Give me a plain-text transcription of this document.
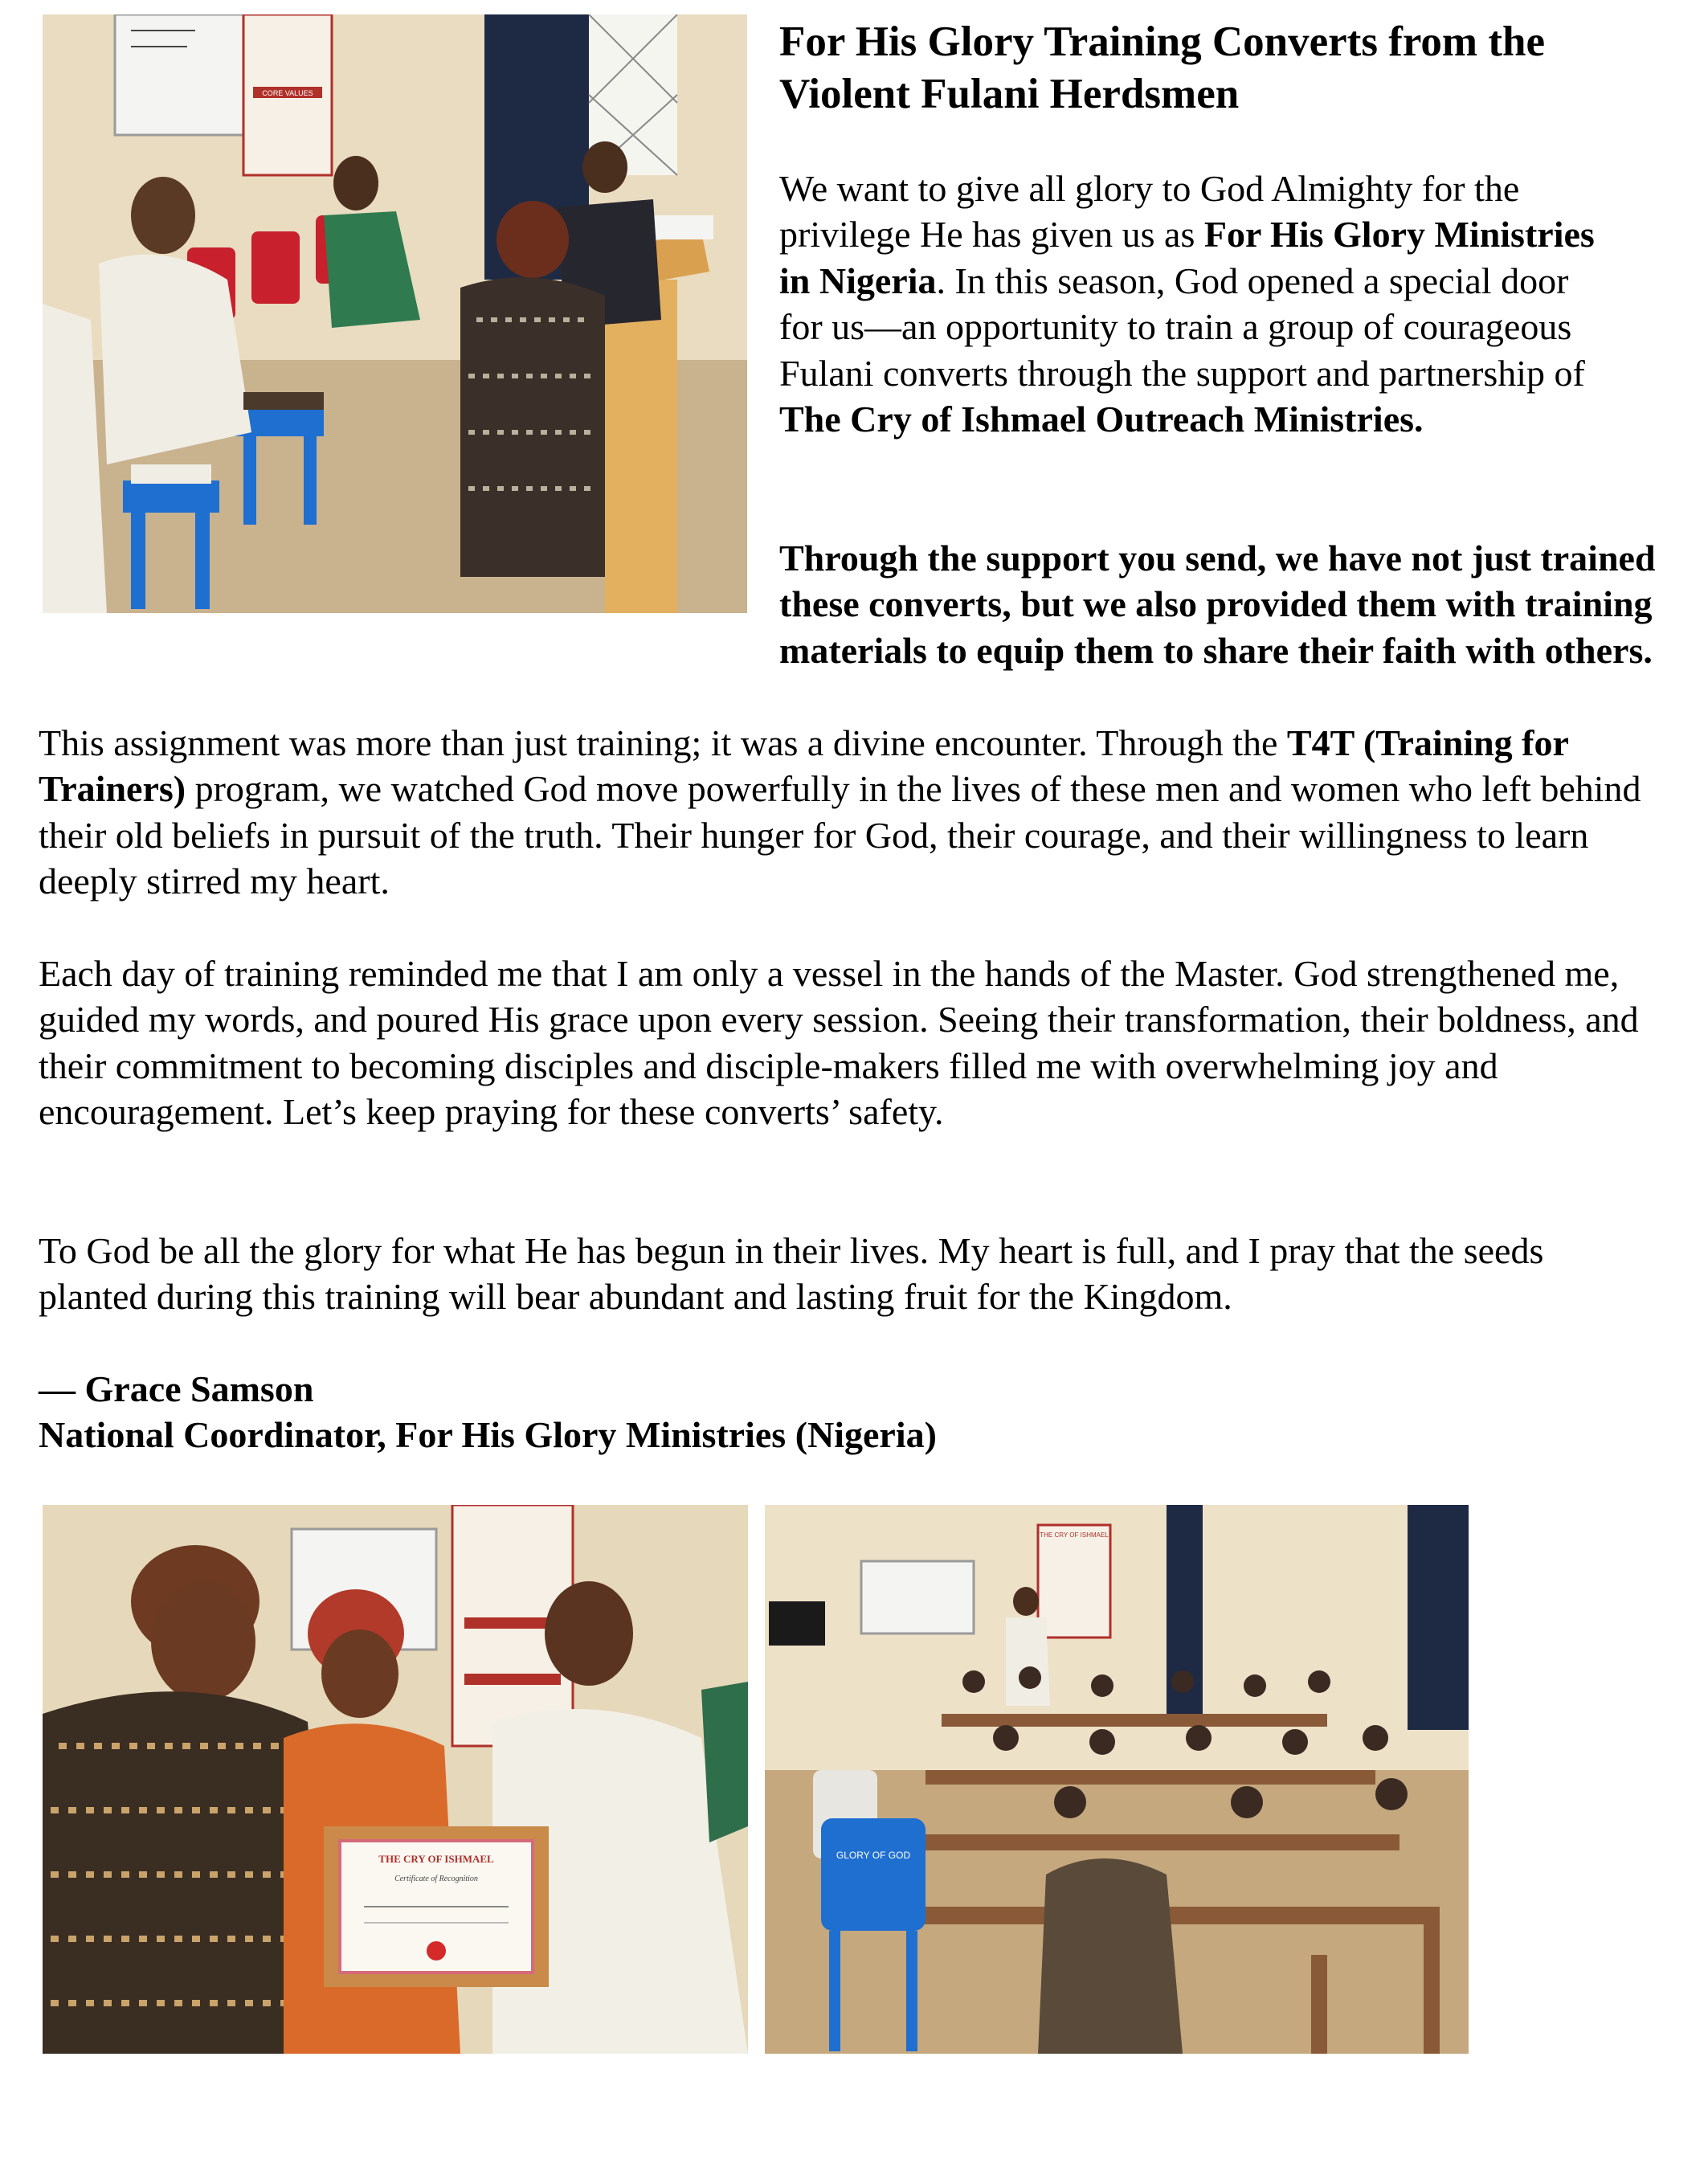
CORE VALUES
For His Glory Training Converts from the Violent Fulani Herdsmen

We want to give all glory to God Almighty for the privilege He has given us as For His Glory Ministries in Nigeria. In this season, God opened a special door for us—an opportunity to train a group of courageous Fulani converts through the support and partnership of The Cry of Ishmael Outreach Ministries.

Through the support you send, we have not just trained these converts, but we also provided them with training materials to equip them to share their faith with others.

This assignment was more than just training; it was a divine encounter. Through the T4T (Training for Trainers) program, we watched God move powerfully in the lives of these men and women who left behind their old beliefs in pursuit of the truth. Their hunger for God, their courage, and their willingness to learn deeply stirred my heart.

Each day of training reminded me that I am only a vessel in the hands of the Master. God strengthened me, guided my words, and poured His grace upon every session. Seeing their transformation, their boldness, and their commitment to becoming disciples and disciple-makers filled me with overwhelming joy and encouragement. Let’s keep praying for these converts’ safety.

To God be all the glory for what He has begun in their lives. My heart is full, and I pray that the seeds planted during this training will bear abundant and lasting fruit for the Kingdom.

— Grace Samson
National Coordinator, For His Glory Ministries (Nigeria)

THE CRY OF ISHMAEL
Certificate of Recognition
THE CRY OF ISHMAEL
GLORY OF GOD
